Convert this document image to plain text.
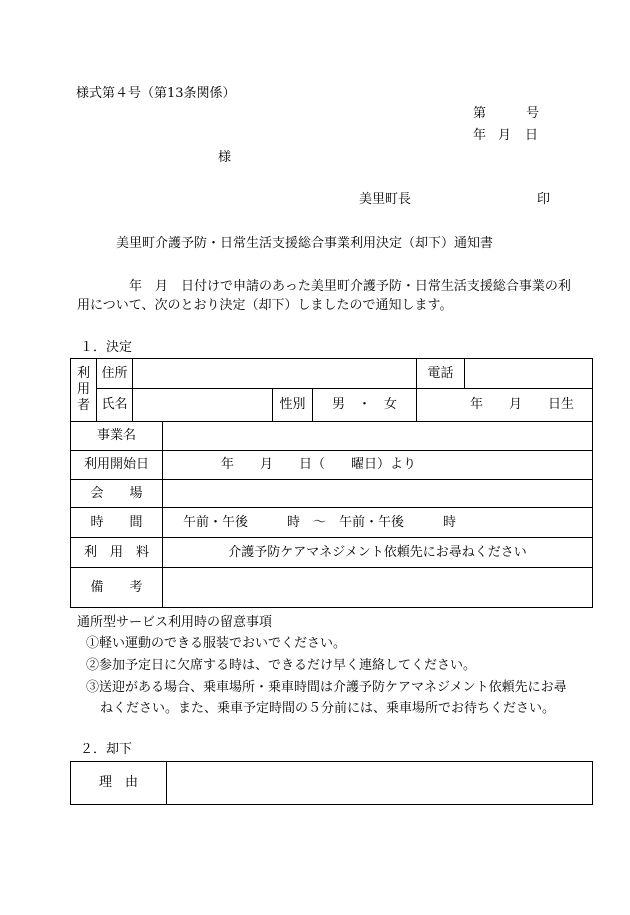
様式第４号（第13条関係）
第	号
年 月 日
様
美里町長	印
美里町介護予防・日常生活支援総合事業利用決定（却下）通知書
年　月　日付けで申請のあった美里町介護予防・日常生活支援総合事業の利
用について、次のとおり決定（却下）しましたので通知します。
１．決定
利
用
者	住所					電話	
	氏名			性別	男　・　女	年　　月　　日生	
事業名							
利用開始日			年　　月　　日（　　曜日）より				
会　　場							
時　　間			午前・午後　　　時　～　午前・午後　　　時				
利　用　料			介護予防ケアマネジメント依頼先にお尋ねください				
備　　考							
通所型サービス利用時の留意事項
①軽い運動のできる服装でおいでください。
②参加予定日に欠席する時は、できるだけ早く連絡してください。
③送迎がある場合、乗車場所・乗車時間は介護予防ケアマネジメント依頼先にお尋
ねください。また、乗車予定時間の５分前には、乗車場所でお待ちください。
２．却下
理　由	
